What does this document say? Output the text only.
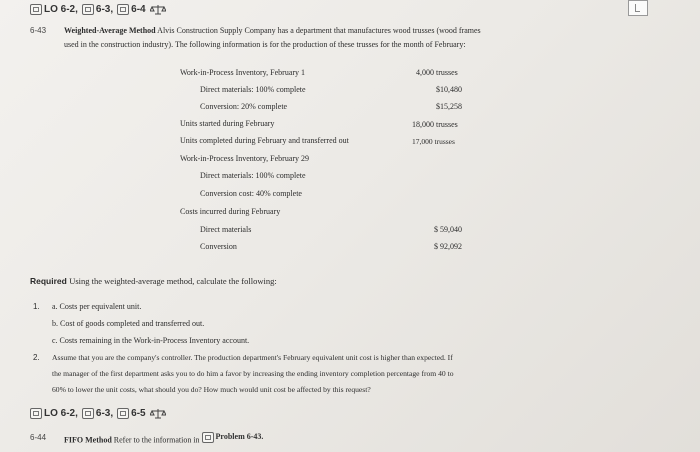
LO 6-2, 6-3, 6-4
6-43 Weighted-Average Method Alvis Construction Supply Company has a department that manufactures wood trusses (wood frames
used in the construction industry). The following information is for the production of these trusses for the month of February:
Work-in-Process Inventory, February 1	4,000 trusses
Direct materials: 100% complete	$10,480
Conversion: 20% complete	$15,258
Units started during February	18,000 trusses
Units completed during February and transferred out	17,000 trusses
Work-in-Process Inventory, February 29
Direct materials: 100% complete
Conversion cost: 40% complete
Costs incurred during February
Direct materials	$ 59,040
Conversion	$ 92,092
Required Using the weighted-average method, calculate the following:
1. a. Costs per equivalent unit.
b. Cost of goods completed and transferred out.
c. Costs remaining in the Work-in-Process Inventory account.
2. Assume that you are the company's controller. The production department's February equivalent unit cost is higher than expected. If
the manager of the first department asks you to do him a favor by increasing the ending inventory completion percentage from 40 to
60% to lower the unit costs, what should you do? How much would unit cost be affected by this request?
LO 6-2, 6-3, 6-5
6-44 FIFO Method Refer to the information in Problem 6-43.
